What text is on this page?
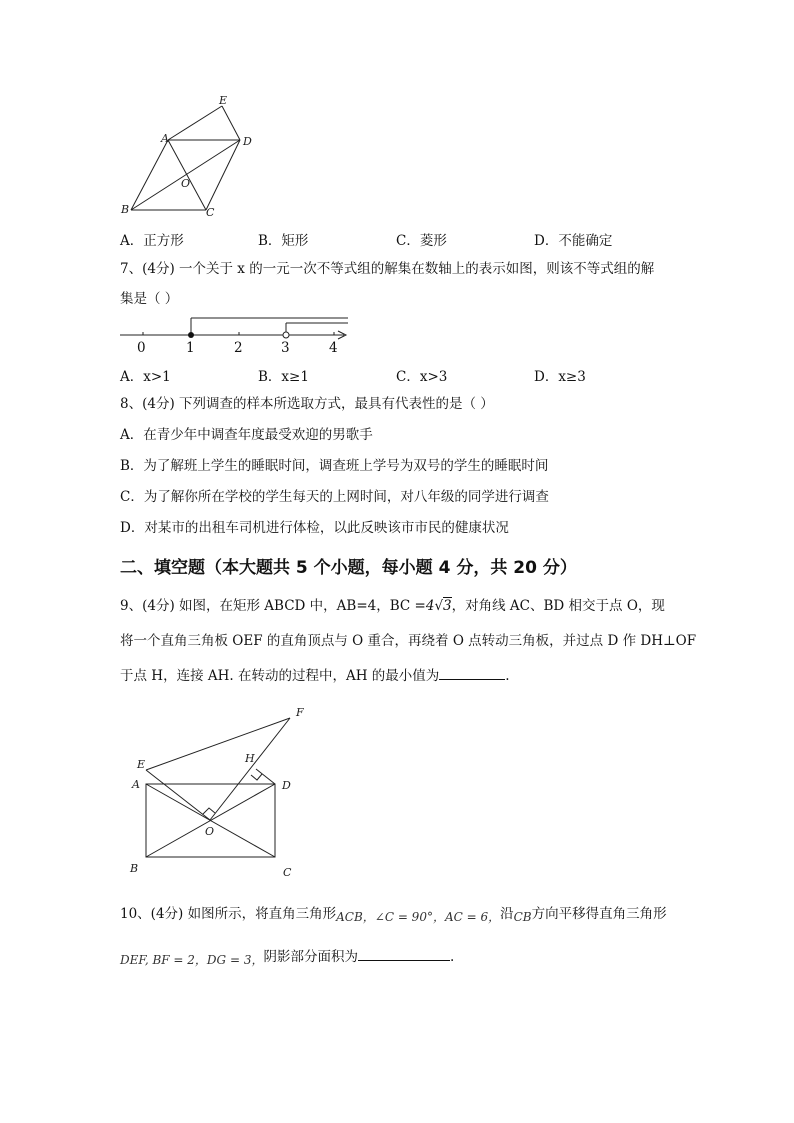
E
A	D
O
B	C
A．正方形	B．矩形	C．菱形	D．不能确定
7、(4分) 一个关于 x 的一元一次不等式组的解集在数轴上的表示如图，则该不等式组的解
集是（ ）
0	1	2	3	4
A．x>1	B．x≥1	C．x>3	D．x≥3
8、(4分) 下列调查的样本所选取方式，最具有代表性的是（ ）
A．在青少年中调查年度最受欢迎的男歌手
B．为了解班上学生的睡眠时间，调查班上学号为双号的学生的睡眠时间
C．为了解你所在学校的学生每天的上网时间，对八年级的同学进行调查
D．对某市的出租车司机进行体检，以此反映该市市民的健康状况
二、填空题（本大题共 5 个小题，每小题 4 分，共 20 分）
9、(4分) 如图，在矩形 ABCD 中，AB=4，BC =4√3，对角线 AC、BD 相交于点 O，现
将一个直角三角板 OEF 的直角顶点与 O 重合，再绕着 O 点转动三角板，并过点 D 作 DH⊥OF
于点 H，连接 AH. 在转动的过程中，AH 的最小值为	.
F
E	H
A	D
O
B	C
10、(4分) 如图所示，将直角三角形ACB，∠C = 90°，AC = 6，沿CB方向平移得直角三角形
DEF, BF = 2，DG = 3，阴影部分面积为	.
